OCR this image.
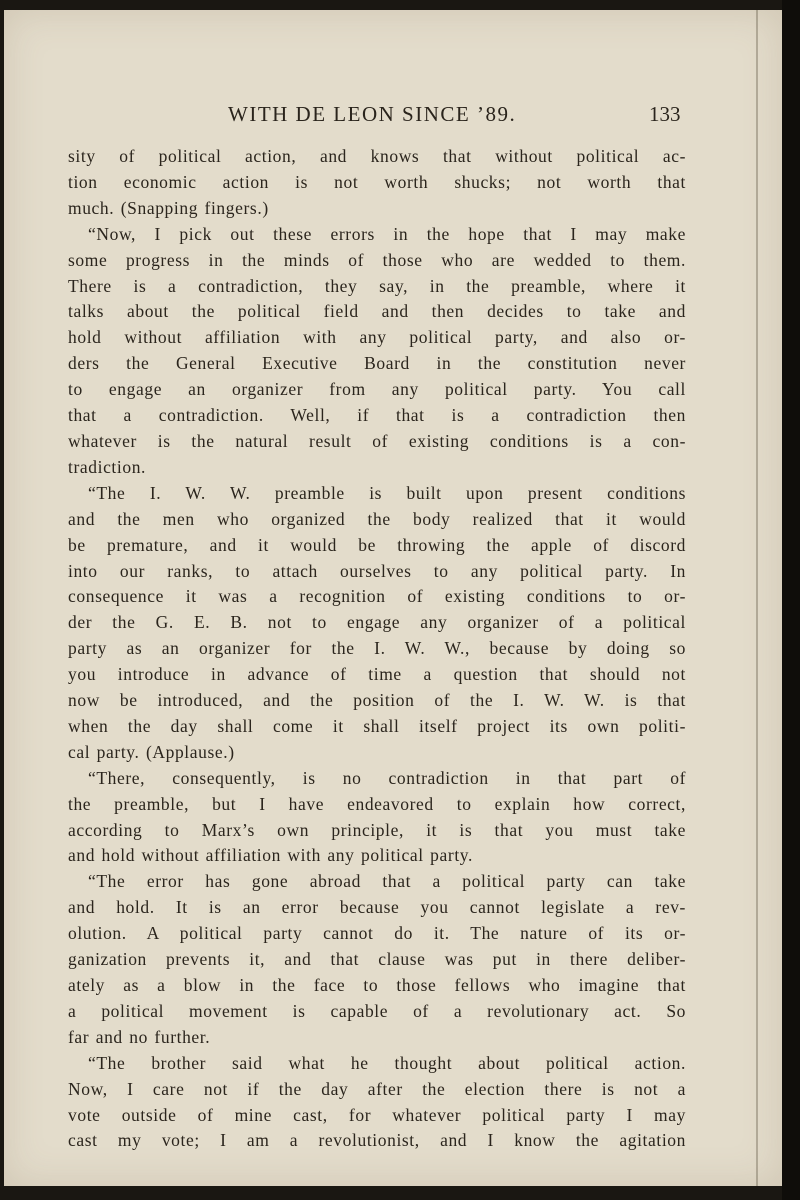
WITH DE LEON SINCE ’89.	133
sity of political action, and knows that without political ac-
tion economic action is not worth shucks; not worth that
much. (Snapping fingers.)
“Now, I pick out these errors in the hope that I may make
some progress in the minds of those who are wedded to them.
There is a contradiction, they say, in the preamble, where it
talks about the political field and then decides to take and
hold without affiliation with any political party, and also or-
ders the General Executive Board in the constitution never
to engage an organizer from any political party. You call
that a contradiction. Well, if that is a contradiction then
whatever is the natural result of existing conditions is a con-
tradiction.
“The I. W. W. preamble is built upon present conditions
and the men who organized the body realized that it would
be premature, and it would be throwing the apple of discord
into our ranks, to attach ourselves to any political party. In
consequence it was a recognition of existing conditions to or-
der the G. E. B. not to engage any organizer of a political
party as an organizer for the I. W. W., because by doing so
you introduce in advance of time a question that should not
now be introduced, and the position of the I. W. W. is that
when the day shall come it shall itself project its own politi-
cal party. (Applause.)
“There, consequently, is no contradiction in that part of
the preamble, but I have endeavored to explain how correct,
according to Marx’s own principle, it is that you must take
and hold without affiliation with any political party.
“The error has gone abroad that a political party can take
and hold. It is an error because you cannot legislate a rev-
olution. A political party cannot do it. The nature of its or-
ganization prevents it, and that clause was put in there deliber-
ately as a blow in the face to those fellows who imagine that
a political movement is capable of a revolutionary act. So
far and no further.
“The brother said what he thought about political action.
Now, I care not if the day after the election there is not a
vote outside of mine cast, for whatever political party I may
cast my vote; I am a revolutionist, and I know the agitation
